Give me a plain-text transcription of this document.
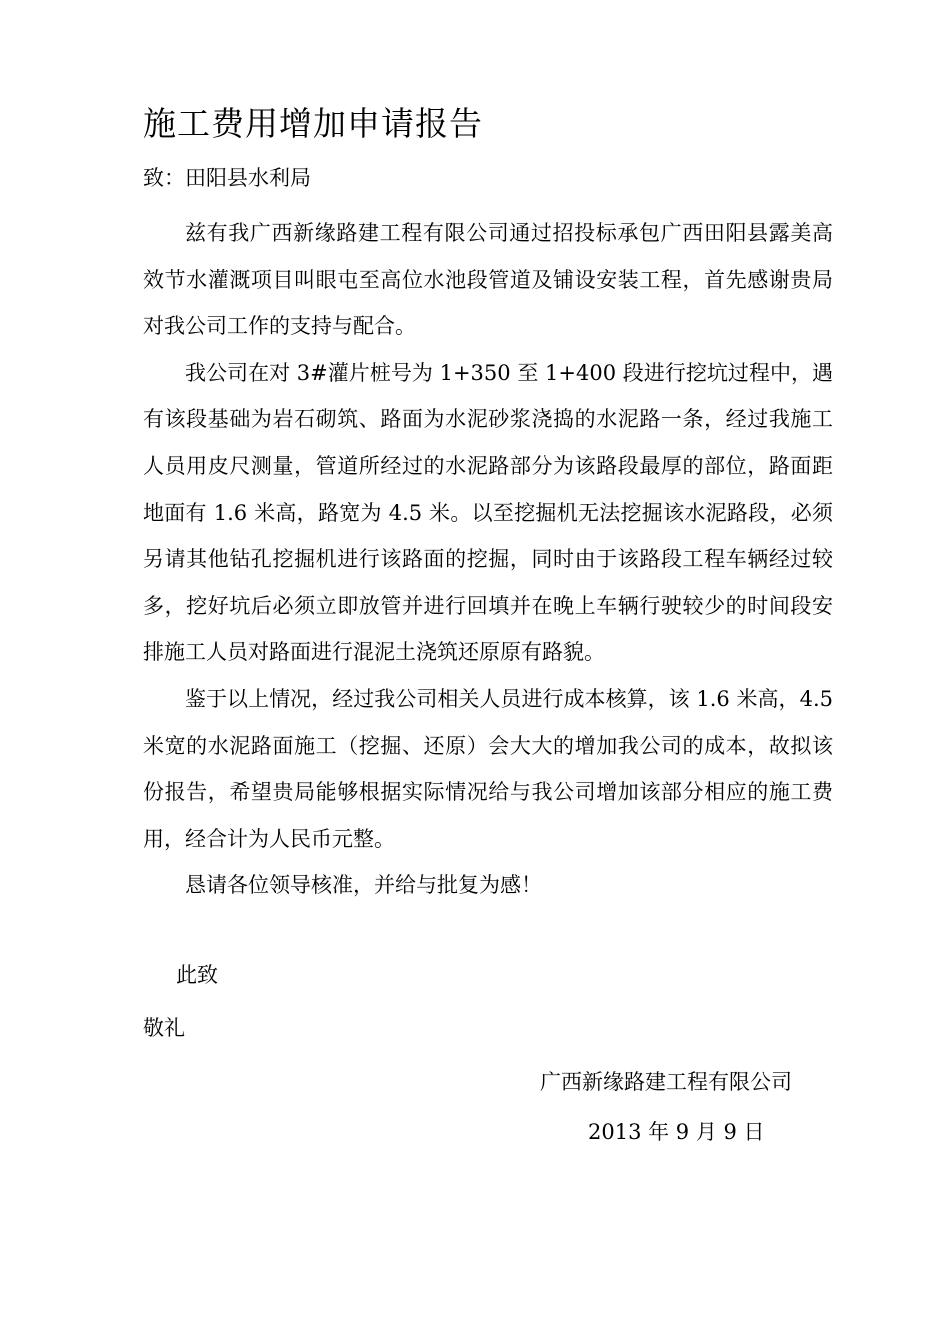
施工费用增加申请报告
致：田阳县水利局

兹有我广西新缘路建工程有限公司通过招投标承包广西田阳县露美高效节水灌溉项目叫眼屯至高位水池段管道及铺设安装工程，首先感谢贵局对我公司工作的支持与配合。

我公司在对 3#灌片桩号为 1+350 至 1+400 段进行挖坑过程中，遇有该段基础为岩石砌筑、路面为水泥砂浆浇捣的水泥路一条，经过我施工人员用皮尺测量，管道所经过的水泥路部分为该路段最厚的部位，路面距地面有 1.6 米高，路宽为 4.5 米。以至挖掘机无法挖掘该水泥路段，必须另请其他钻孔挖掘机进行该路面的挖掘，同时由于该路段工程车辆经过较多，挖好坑后必须立即放管并进行回填并在晚上车辆行驶较少的时间段安排施工人员对路面进行混泥土浇筑还原原有路貌。

鉴于以上情况，经过我公司相关人员进行成本核算，该 1.6 米高，4.5 米宽的水泥路面施工（挖掘、还原）会大大的增加我公司的成本，故拟该份报告，希望贵局能够根据实际情况给与我公司增加该部分相应的施工费用，经合计为人民币元整。

恳请各位领导核准，并给与批复为感！

此致
敬礼
广西新缘路建工程有限公司
2013 年 9 月 9 日
